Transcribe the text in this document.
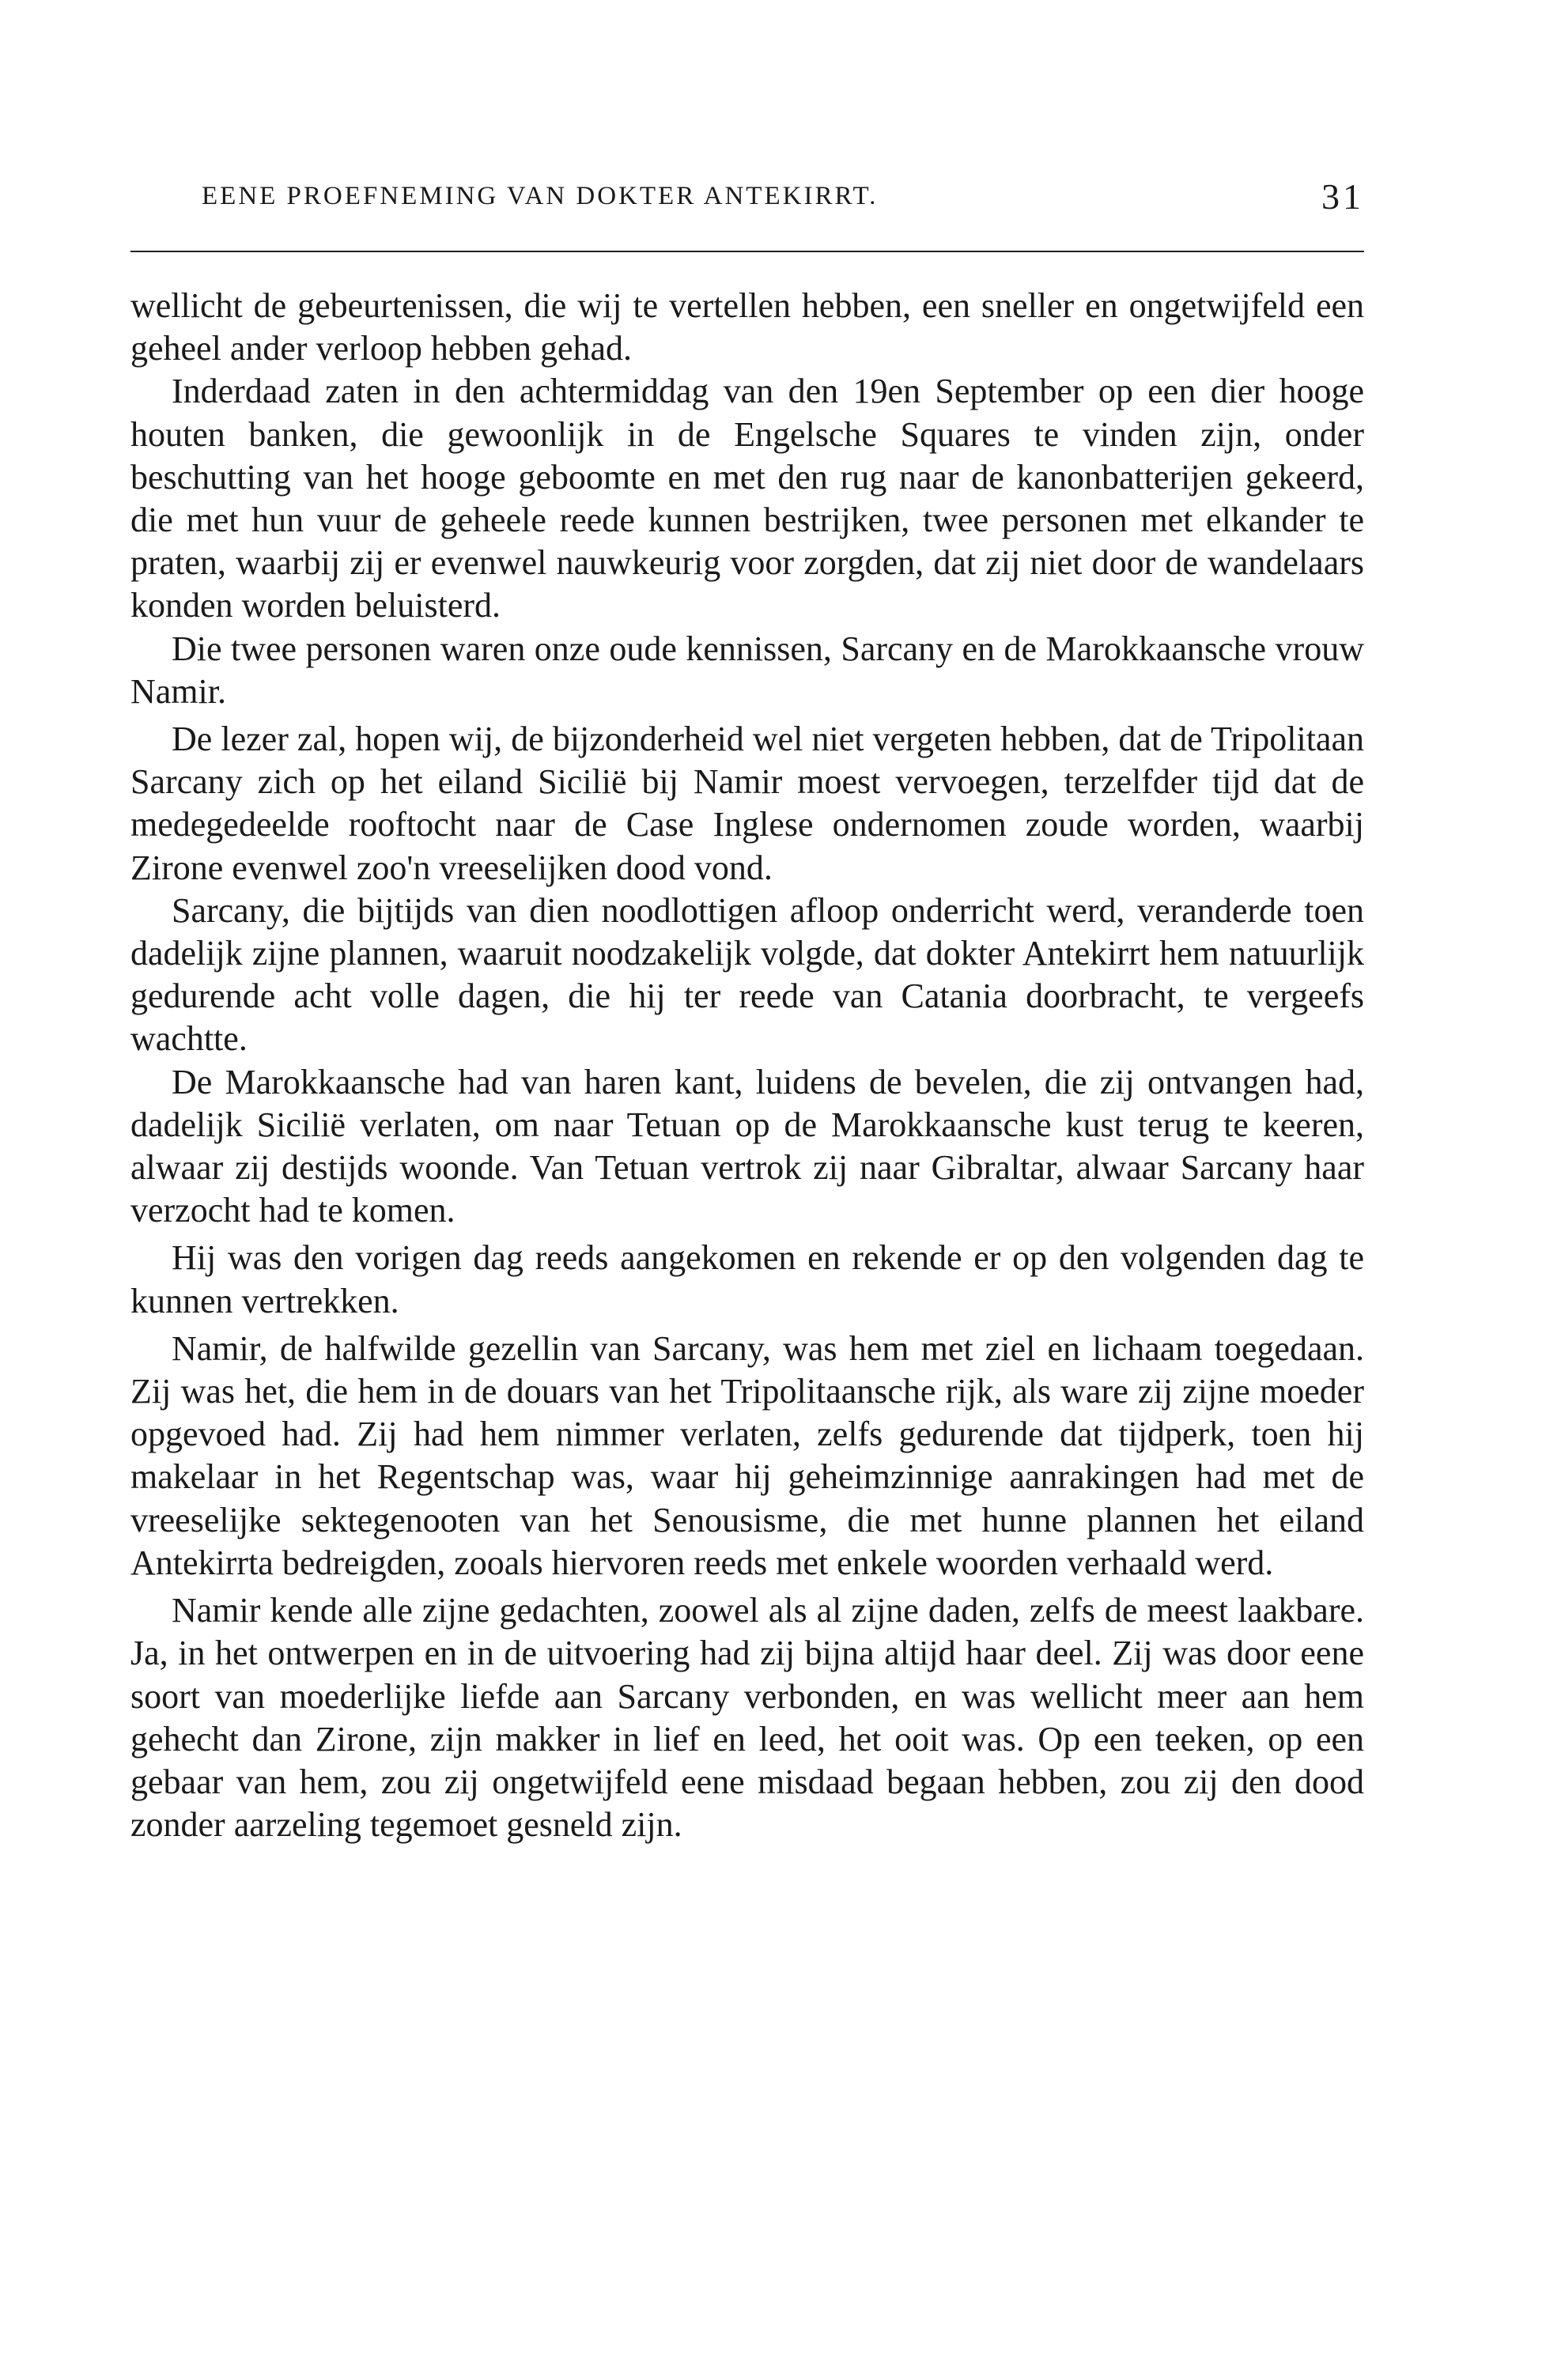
EENE PROEFNEMING VAN DOKTER ANTEKIRRT.	31

wellicht de gebeurtenissen, die wij te vertellen hebben, een sneller en ongetwijfeld een geheel ander verloop hebben gehad.

Inderdaad zaten in den achtermiddag van den 19en September op een dier hooge houten banken, die gewoonlijk in de Engelsche Squares te vinden zijn, onder beschutting van het hooge geboomte en met den rug naar de kanonbatterijen gekeerd, die met hun vuur de geheele reede kunnen bestrijken, twee personen met elkander te praten, waarbij zij er evenwel nauwkeurig voor zorgden, dat zij niet door de wandelaars konden worden beluisterd.

Die twee personen waren onze oude kennissen, Sarcany en de Marokkaansche vrouw Namir.

De lezer zal, hopen wij, de bijzonderheid wel niet vergeten hebben, dat de Tripolitaan Sarcany zich op het eiland Sicilië bij Namir moest vervoegen, terzelfder tijd dat de medegedeelde rooftocht naar de Case Inglese ondernomen zoude worden, waarbij Zirone evenwel zoo'n vreeselijken dood vond.

Sarcany, die bijtijds van dien noodlottigen afloop onderricht werd, veranderde toen dadelijk zijne plannen, waaruit noodzakelijk volgde, dat dokter Antekirrt hem natuurlijk gedurende acht volle dagen, die hij ter reede van Catania doorbracht, te vergeefs wachtte.

De Marokkaansche had van haren kant, luidens de bevelen, die zij ontvangen had, dadelijk Sicilië verlaten, om naar Tetuan op de Marokkaansche kust terug te keeren, alwaar zij destijds woonde. Van Tetuan vertrok zij naar Gibraltar, alwaar Sarcany haar verzocht had te komen.

Hij was den vorigen dag reeds aangekomen en rekende er op den volgenden dag te kunnen vertrekken.

Namir, de halfwilde gezellin van Sarcany, was hem met ziel en lichaam toegedaan. Zij was het, die hem in de douars van het Tripolitaansche rijk, als ware zij zijne moeder opgevoed had. Zij had hem nimmer verlaten, zelfs gedurende dat tijdperk, toen hij makelaar in het Regentschap was, waar hij geheimzinnige aanrakingen had met de vreeselijke sektegenooten van het Senousisme, die met hunne plannen het eiland Antekirrta bedreigden, zooals hiervoren reeds met enkele woorden verhaald werd.

Namir kende alle zijne gedachten, zoowel als al zijne daden, zelfs de meest laakbare. Ja, in het ontwerpen en in de uitvoering had zij bijna altijd haar deel. Zij was door eene soort van moederlijke liefde aan Sarcany verbonden, en was wellicht meer aan hem gehecht dan Zirone, zijn makker in lief en leed, het ooit was. Op een teeken, op een gebaar van hem, zou zij ongetwijfeld eene misdaad begaan hebben, zou zij den dood zonder aarzeling tegemoet gesneld zijn.
